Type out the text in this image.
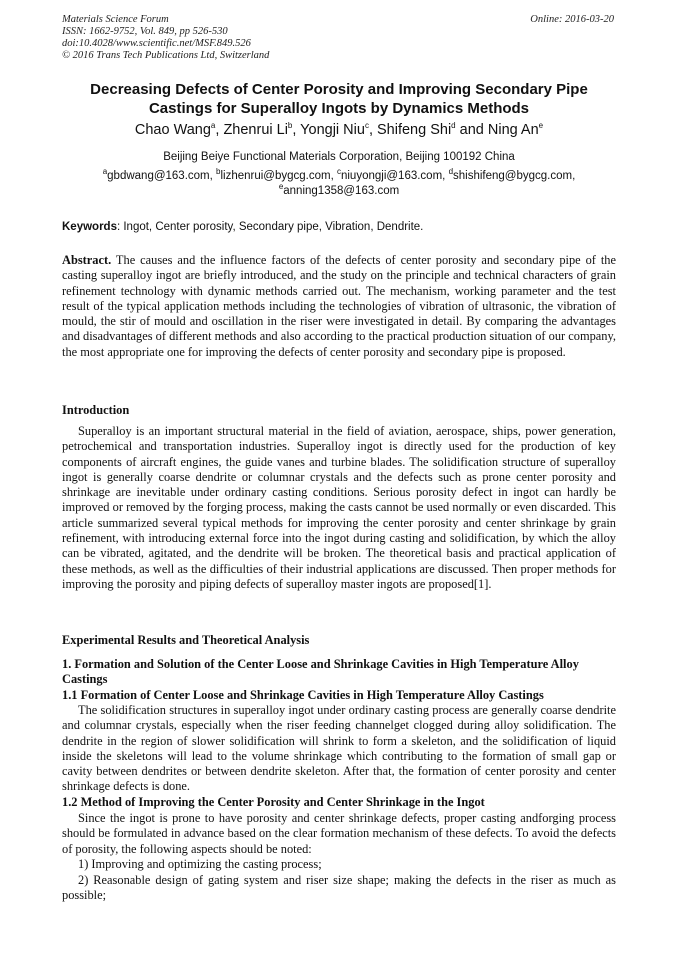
Materials Science Forum
ISSN: 1662-9752, Vol. 849, pp 526-530
doi:10.4028/www.scientific.net/MSF.849.526
© 2016 Trans Tech Publications Ltd, Switzerland
Online: 2016-03-20
Decreasing Defects of Center Porosity and Improving Secondary Pipe Castings for Superalloy Ingots by Dynamics Methods

Chao Wang$^a$, Zhenrui Li$^b$, Yongji Niu$^c$, Shifeng Shi$^d$ and Ning An$^e$

Beijing Beiye Functional Materials Corporation, Beijing 100192 China

$^a$gbdwang@163.com, $^b$lizhenrui@bygcg.com, $^c$niuyongji@163.com, $^d$shishifeng@bygcg.com,
$^e$anning1358@163.com

Keywords: Ingot, Center porosity, Secondary pipe, Vibration, Dendrite.

Abstract. The causes and the influence factors of the defects of center porosity and secondary pipe of the casting superalloy ingot are briefly introduced, and the study on the principle and technical characters of grain refinement technology with dynamic methods carried out. The mechanism, working parameter and the test result of the typical application methods including the technologies of vibration of ultrasonic, the vibration of mould, the stir of mould and oscillation in the riser were investigated in detail. By comparing the advantages and disadvantages of different methods and also according to the practical production situation of our company, the most appropriate one for improving the defects of center porosity and secondary pipe is proposed.

Introduction

Superalloy is an important structural material in the field of aviation, aerospace, ships, power generation, petrochemical and transportation industries. Superalloy ingot is directly used for the production of key components of aircraft engines, the guide vanes and turbine blades. The solidification structure of superalloy ingot is generally coarse dendrite or columnar crystals and the defects such as prone center porosity and shrinkage are inevitable under ordinary casting conditions. Serious porosity defect in ingot can hardly be improved or removed by the forging process, making the casts cannot be used normally or even discarded. This article summarized several typical methods for improving the center porosity and center shrinkage by grain refinement, with introducing external force into the ingot during casting and solidification, by which the alloy can be vibrated, agitated, and the dendrite will be broken. The theoretical basis and practical application of these methods, as well as the difficulties of their industrial applications are discussed. Then proper methods for improving the porosity and piping defects of superalloy master ingots are proposed[1].

Experimental Results and Theoretical Analysis

1. Formation and Solution of the Center Loose and Shrinkage Cavities in High Temperature Alloy Castings

1.1 Formation of Center Loose and Shrinkage Cavities in High Temperature Alloy Castings

The solidification structures in superalloy ingot under ordinary casting process are generally coarse dendrite and columnar crystals, especially when the riser feeding channelget clogged during alloy solidification. The dendrite in the region of slower solidification will shrink to form a skeleton, and the solidification of liquid inside the skeletons will lead to the volume shrinkage which contributing to the formation of small gap or cavity between dendrites or between dendrite skeleton. After that, the formation of center porosity and center shrinkage defects is done.

1.2 Method of Improving the Center Porosity and Center Shrinkage in the Ingot

Since the ingot is prone to have porosity and center shrinkage defects, proper casting andforging process should be formulated in advance based on the clear formation mechanism of these defects. To avoid the defects of porosity, the following aspects should be noted:

1) Improving and optimizing the casting process;

2) Reasonable design of gating system and riser size shape; making the defects in the riser as much as possible;
